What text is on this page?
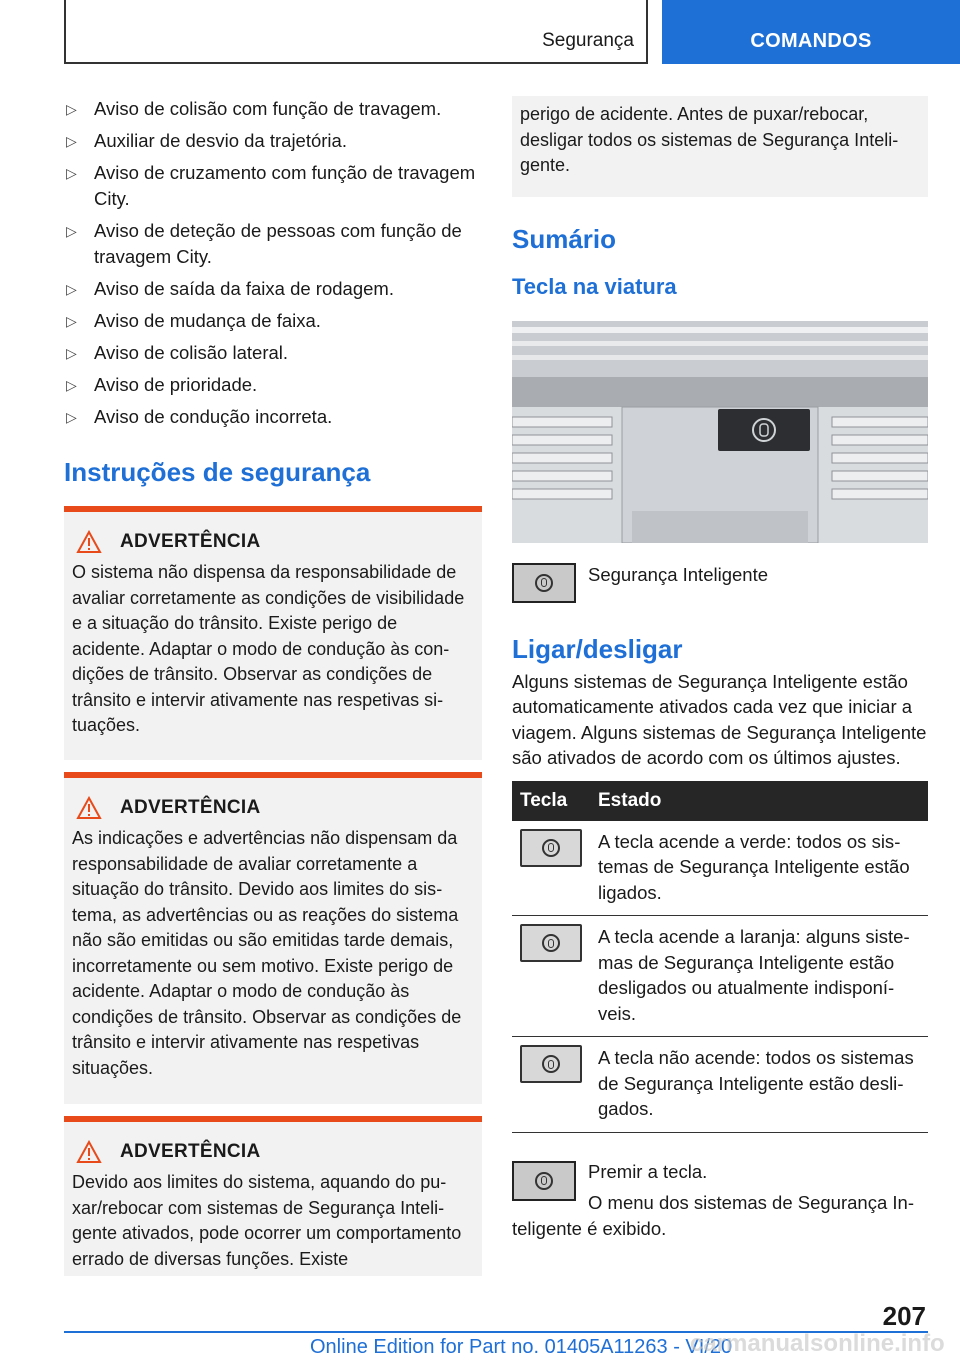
Segurança	COMANDOS
▷ Aviso de colisão com função de travagem.
▷ Auxiliar de desvio da trajetória.
▷ Aviso de cruzamento com função de travagem City.
▷ Aviso de deteção de pessoas com função de travagem City.
▷ Aviso de saída da faixa de rodagem.
▷ Aviso de mudança de faixa.
▷ Aviso de colisão lateral.
▷ Aviso de prioridade.
▷ Aviso de condução incorreta.
Instruções de segurança
ADVERTÊNCIA

O sistema não dispensa da responsabilidade de avaliar corretamente as condições de visibilidade e a situação do trânsito. Existe perigo de acidente. Adaptar o modo de condução às condições de trânsito. Observar as condições de trânsito e intervir ativamente nas respetivas situações.

ADVERTÊNCIA

As indicações e advertências não dispensam da responsabilidade de avaliar corretamente a situação do trânsito. Devido aos limites do sistema, as advertências ou as reações do sistema não são emitidas ou são emitidas tarde demais, incorretamente ou sem motivo. Existe perigo de acidente. Adaptar o modo de condução às condições de trânsito. Observar as condições de trânsito e intervir ativamente nas respetivas situações.

ADVERTÊNCIA

Devido aos limites do sistema, aquando do puxar/rebocar com sistemas de Segurança Inteligente ativados, pode ocorrer um comportamento errado de diversas funções. Existe

perigo de acidente. Antes de puxar/rebocar, desligar todos os sistemas de Segurança Inteligente.
Sumário
Tecla na viatura
Segurança Inteligente
Ligar/desligar

Alguns sistemas de Segurança Inteligente estão automaticamente ativados cada vez que iniciar a viagem. Alguns sistemas de Segurança Inteligente são ativados de acordo com os últimos ajustes.

Tecla	Estado

	A tecla acende a verde: todos os sistemas de Segurança Inteligente estão ligados.

	A tecla acende a laranja: alguns sistemas de Segurança Inteligente estão desligados ou atualmente indisponíveis.

	A tecla não acende: todos os sistemas de Segurança Inteligente estão desligados.

Premir a tecla.

O menu dos sistemas de Segurança Inteligente é exibido.

207
Online Edition for Part no. 01405A11263 - VI/20
carmanualsonline.info
